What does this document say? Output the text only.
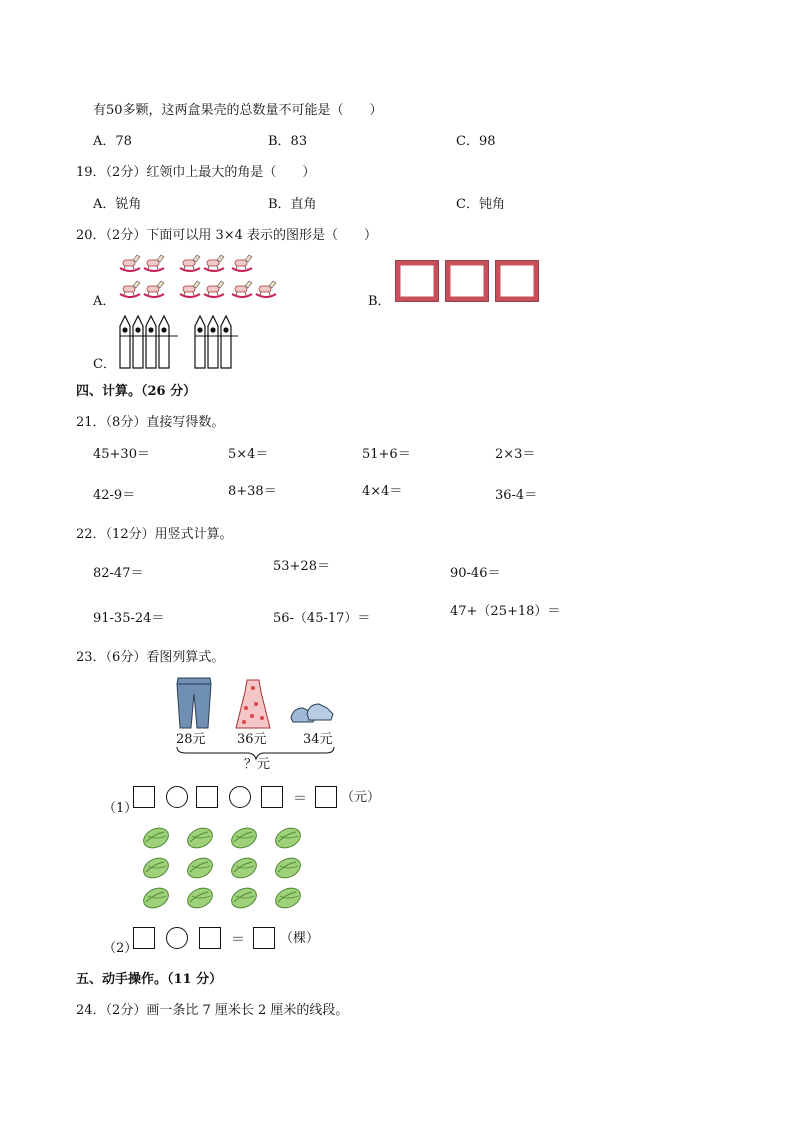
有50多颗，这两盒果壳的总数量不可能是（　　）
A．78	B．83	C．98
19．（2分）红领巾上最大的角是（　　）
A．锐角	B．直角	C．钝角
20．（2分）下面可以用 3×4 表示的图形是（　　）
A．	B．
C．
四、计算。（26 分）
21．（8分）直接写得数。
45+30＝	5×4＝	51+6＝	2×3＝
42-9＝	8+38＝	4×4＝	36-4＝
22．（12分）用竖式计算。
82-47＝	53+28＝	90-46＝
91-35-24＝	56-（45-17）＝	47+（25+18）＝
23．（6分）看图列算式。
28元 36元	34元
？元
（1）
＝	（元）
（2）
＝	（棵）
五、动手操作。（11 分）
24．（2分）画一条比 7 厘米长 2 厘米的线段。
